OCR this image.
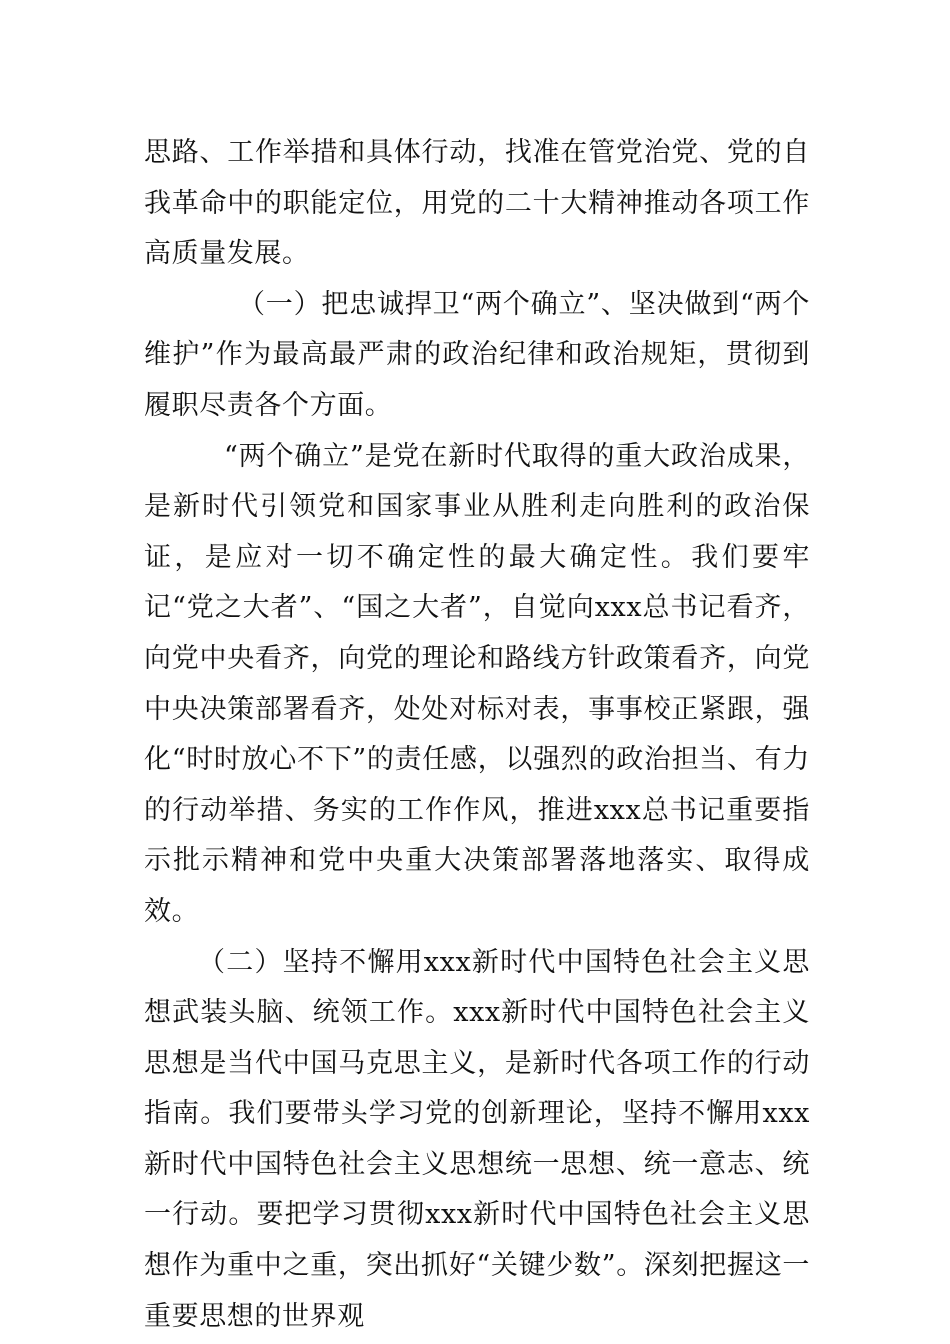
思路、工作举措和具体行动，找准在管党治党、党的自我革命中的职能定位，用党的二十大精神推动各项工作高质量发展。

（一）把忠诚捍卫“两个确立”、坚决做到“两个维护”作为最高最严肃的政治纪律和政治规矩，贯彻到履职尽责各个方面。

“两个确立”是党在新时代取得的重大政治成果，是新时代引领党和国家事业从胜利走向胜利的政治保证，是应对一切不确定性的最大确定性。我们要牢记“党之大者”、“国之大者”，自觉向xxx总书记看齐，向党中央看齐，向党的理论和路线方针政策看齐，向党中央决策部署看齐，处处对标对表，事事校正紧跟，强化“时时放心不下”的责任感，以强烈的政治担当、有力的行动举措、务实的工作作风，推进xxx总书记重要指示批示精神和党中央重大决策部署落地落实、取得成效。

（二）坚持不懈用xxx新时代中国特色社会主义思想武装头脑、统领工作。xxx新时代中国特色社会主义思想是当代中国马克思主义，是新时代各项工作的行动指南。我们要带头学习党的创新理论，坚持不懈用xxx新时代中国特色社会主义思想统一思想、统一意志、统一行动。要把学习贯彻xxx新时代中国特色社会主义思想作为重中之重，突出抓好“关键少数”。深刻把握这一重要思想的世界观
